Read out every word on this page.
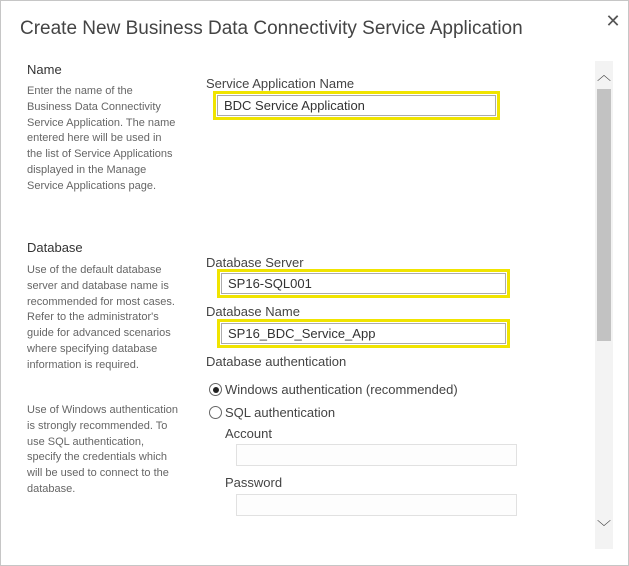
Create New Business Data Connectivity Service Application	✕
Name
Enter the name of the Business Data Connectivity Service Application. The name entered here will be used in the list of Service Applications displayed in the Manage Service Applications page.
Service Application Name
BDC Service Application
Database
Use of the default database server and database name is recommended for most cases. Refer to the administrator's guide for advanced scenarios where specifying database information is required.
Use of Windows authentication is strongly recommended. To use SQL authentication, specify the credentials which will be used to connect to the database.
Database Server
SP16-SQL001
Database Name
SP16_BDC_Service_App
Database authentication
Windows authentication (recommended)
SQL authentication
Account
Password
︿
﹀
